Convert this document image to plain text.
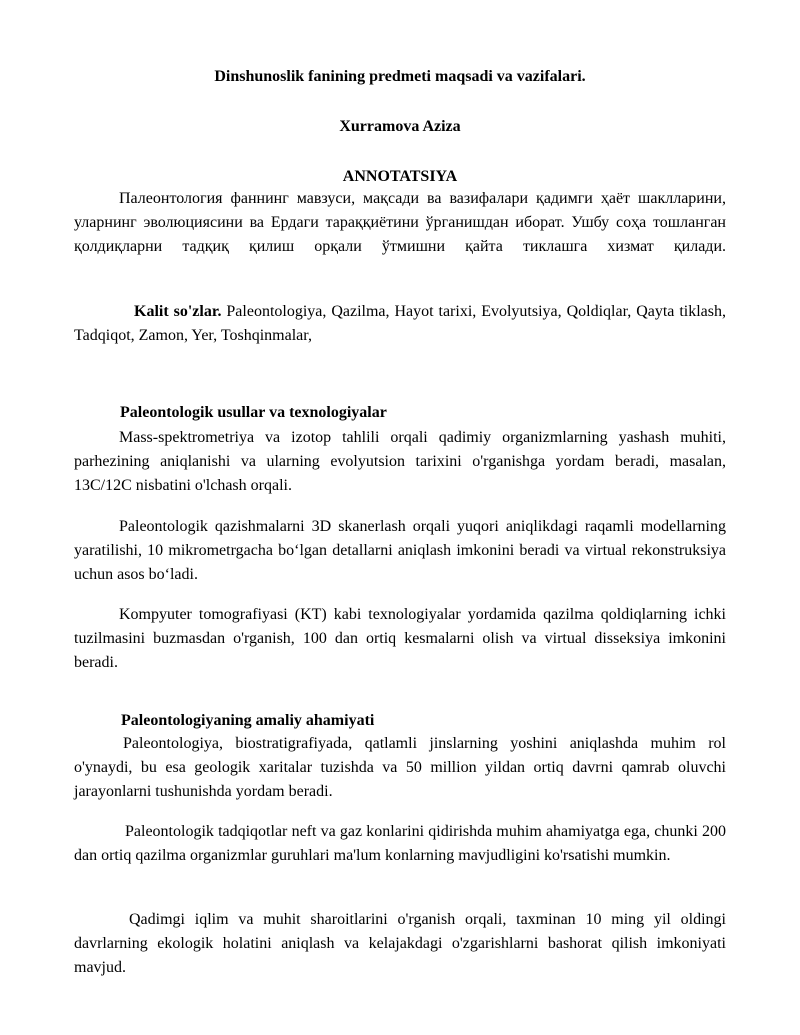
Dinshunoslik fanining predmeti maqsadi va vazifalari.
Xurramova Aziza
ANNOTATSIYA

Палеонтология фаннинг мавзуси, мақсади ва вазифалари қадимги ҳаёт шаклларини, уларнинг эволюциясини ва Ердаги тараққиётини ўрганишдан иборат. Ушбу соҳа тошланган қолдиқларни тадқиқ қилиш орқали ўтмишни қайта тиклашга хизмат қилади.

Kalit so'zlar. Paleontologiya, Qazilma, Hayot tarixi, Evolyutsiya, Qoldiqlar, Qayta tiklash, Tadqiqot, Zamon, Yer, Toshqinmalar,

Paleontologik usullar va texnologiyalar

Mass-spektrometriya va izotop tahlili orqali qadimiy organizmlarning yashash muhiti, parhezining aniqlanishi va ularning evolyutsion tarixini o'rganishga yordam beradi, masalan, 13C/12C nisbatini o'lchash orqali.

Paleontologik qazishmalarni 3D skanerlash orqali yuqori aniqlikdagi raqamli modellarning yaratilishi, 10 mikrometrgacha bo‘lgan detallarni aniqlash imkonini beradi va virtual rekonstruksiya uchun asos bo‘ladi.

Kompyuter tomografiyasi (KT) kabi texnologiyalar yordamida qazilma qoldiqlarning ichki tuzilmasini buzmasdan o'rganish, 100 dan ortiq kesmalarni olish va virtual disseksiya imkonini beradi.

Paleontologiyaning amaliy ahamiyati

Paleontologiya, biostratigrafiyada, qatlamli jinslarning yoshini aniqlashda muhim rol o'ynaydi, bu esa geologik xaritalar tuzishda va 50 million yildan ortiq davrni qamrab oluvchi jarayonlarni tushunishda yordam beradi.

Paleontologik tadqiqotlar neft va gaz konlarini qidirishda muhim ahamiyatga ega, chunki 200 dan ortiq qazilma organizmlar guruhlari ma'lum konlarning mavjudligini ko'rsatishi mumkin.

Qadimgi iqlim va muhit sharoitlarini o'rganish orqali, taxminan 10 ming yil oldingi davrlarning ekologik holatini aniqlash va kelajakdagi o'zgarishlarni bashorat qilish imkoniyati mavjud.
